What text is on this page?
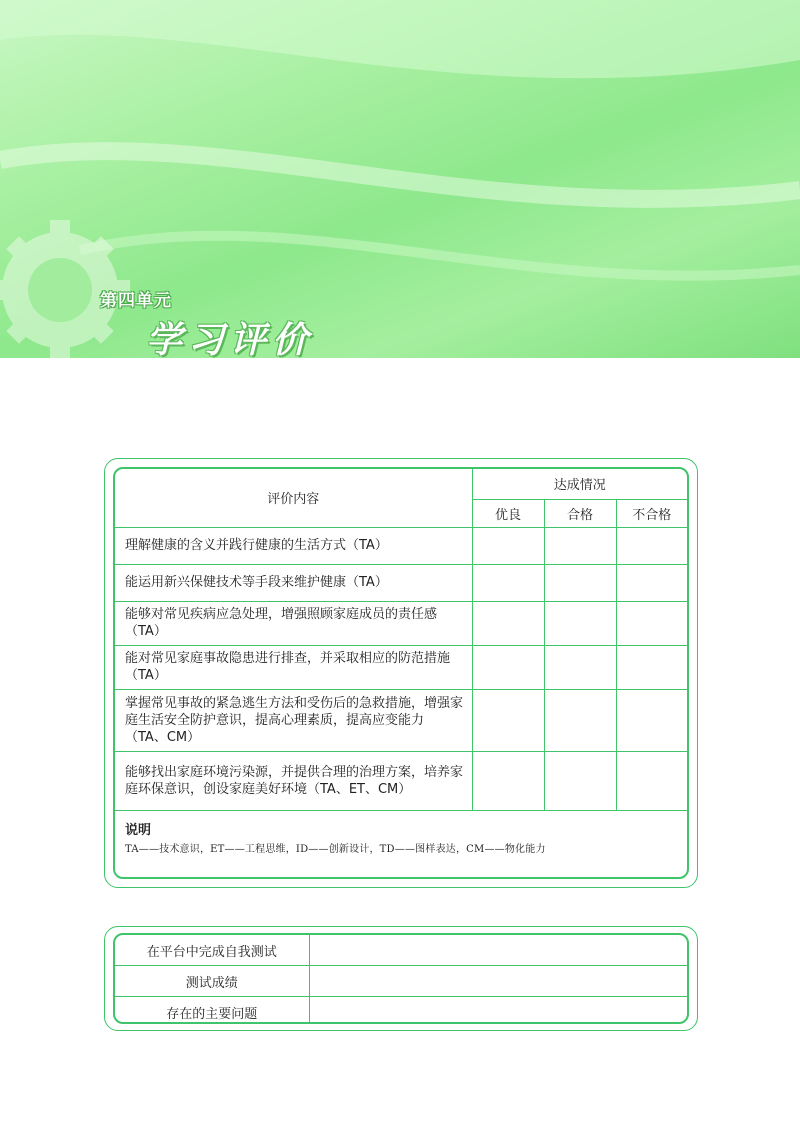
第四单元
学习评价
评价内容	达成情况		
	优良	合格	不合格
理解健康的含义并践行健康的生活方式（TA）			
能运用新兴保健技术等手段来维护健康（TA）			
能够对常见疾病应急处理，增强照顾家庭成员的责任感（TA）			
能对常见家庭事故隐患进行排查，并采取相应的防范措施（TA）			
掌握常见事故的紧急逃生方法和受伤后的急救措施，增强家庭生活安全防护意识，提高心理素质，提高应变能力（TA、CM）			
能够找出家庭环境污染源，并提供合理的治理方案，培养家庭环保意识，创设家庭美好环境（TA、ET、CM）			
说明
TA——技术意识，ET——工程思维，ID——创新设计，TD——图样表达，CM——物化能力
在平台中完成自我测试	
测试成绩	
存在的主要问题	
